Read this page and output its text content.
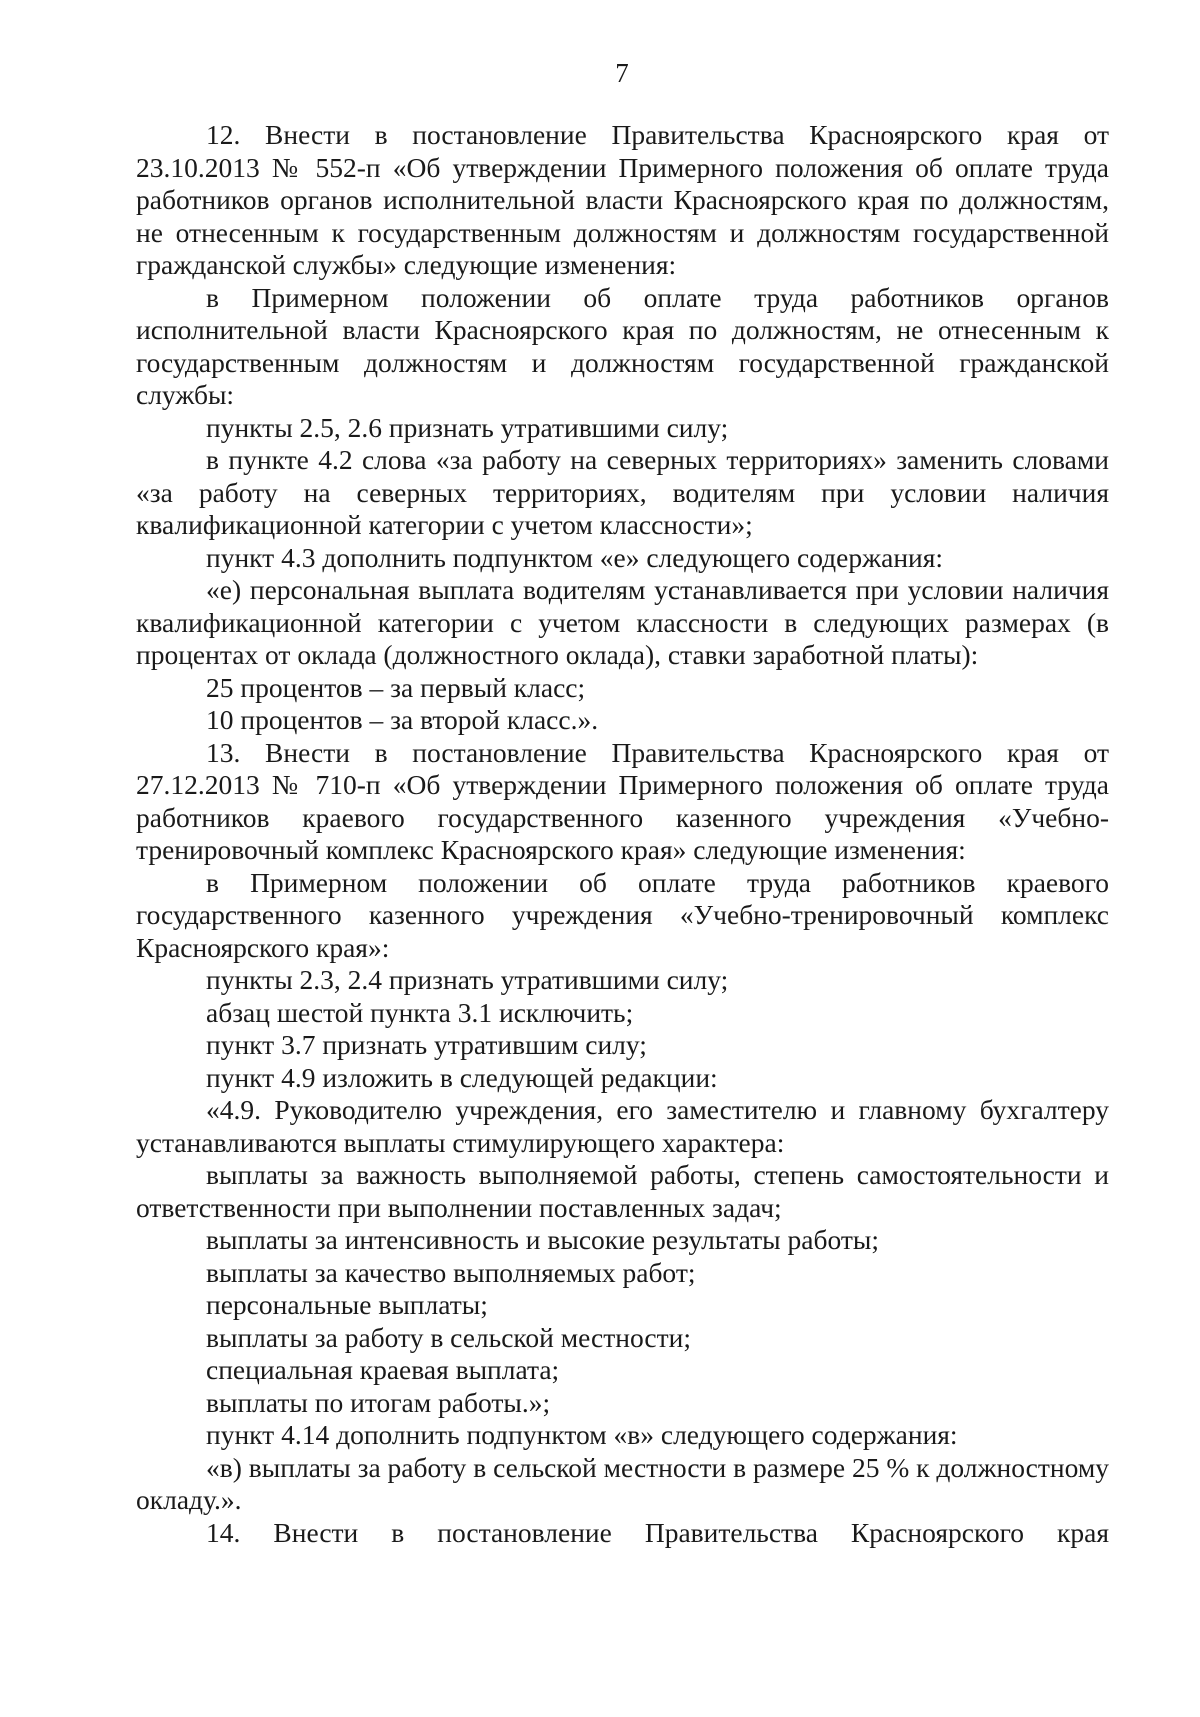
7

12. Внести в постановление Правительства Красноярского края от 23.10.2013 № 552-п «Об утверждении Примерного положения об оплате труда работников органов исполнительной власти Красноярского края по должностям, не отнесенным к государственным должностям и должностям государственной гражданской службы» следующие изменения:

в Примерном положении об оплате труда работников органов исполнительной власти Красноярского края по должностям, не отнесенным к государственным должностям и должностям государственной гражданской службы:

пункты 2.5, 2.6 признать утратившими силу;

в пункте 4.2 слова «за работу на северных территориях» заменить словами «за работу на северных территориях, водителям при условии наличия квалификационной категории с учетом классности»;

пункт 4.3 дополнить подпунктом «е» следующего содержания:

«е) персональная выплата водителям устанавливается при условии наличия квалификационной категории с учетом классности в следующих размерах (в процентах от оклада (должностного оклада), ставки заработной платы):

25 процентов – за первый класс;

10 процентов – за второй класс.».

13. Внести в постановление Правительства Красноярского края от 27.12.2013 № 710-п «Об утверждении Примерного положения об оплате труда работников краевого государственного казенного учреждения «Учебно-тренировочный комплекс Красноярского края» следующие изменения:

в Примерном положении об оплате труда работников краевого государственного казенного учреждения «Учебно-тренировочный комплекс Красноярского края»:

пункты 2.3, 2.4 признать утратившими силу;

абзац шестой пункта 3.1 исключить;

пункт 3.7 признать утратившим силу;

пункт 4.9 изложить в следующей редакции:

«4.9. Руководителю учреждения, его заместителю и главному бухгалтеру устанавливаются выплаты стимулирующего характера:

выплаты за важность выполняемой работы, степень самостоятельности и ответственности при выполнении поставленных задач;

выплаты за интенсивность и высокие результаты работы;

выплаты за качество выполняемых работ;

персональные выплаты;

выплаты за работу в сельской местности;

специальная краевая выплата;

выплаты по итогам работы.»;

пункт 4.14 дополнить подпунктом «в» следующего содержания:

«в) выплаты за работу в сельской местности в размере 25 % к должностному окладу.».

14. Внести в постановление Правительства Красноярского края
